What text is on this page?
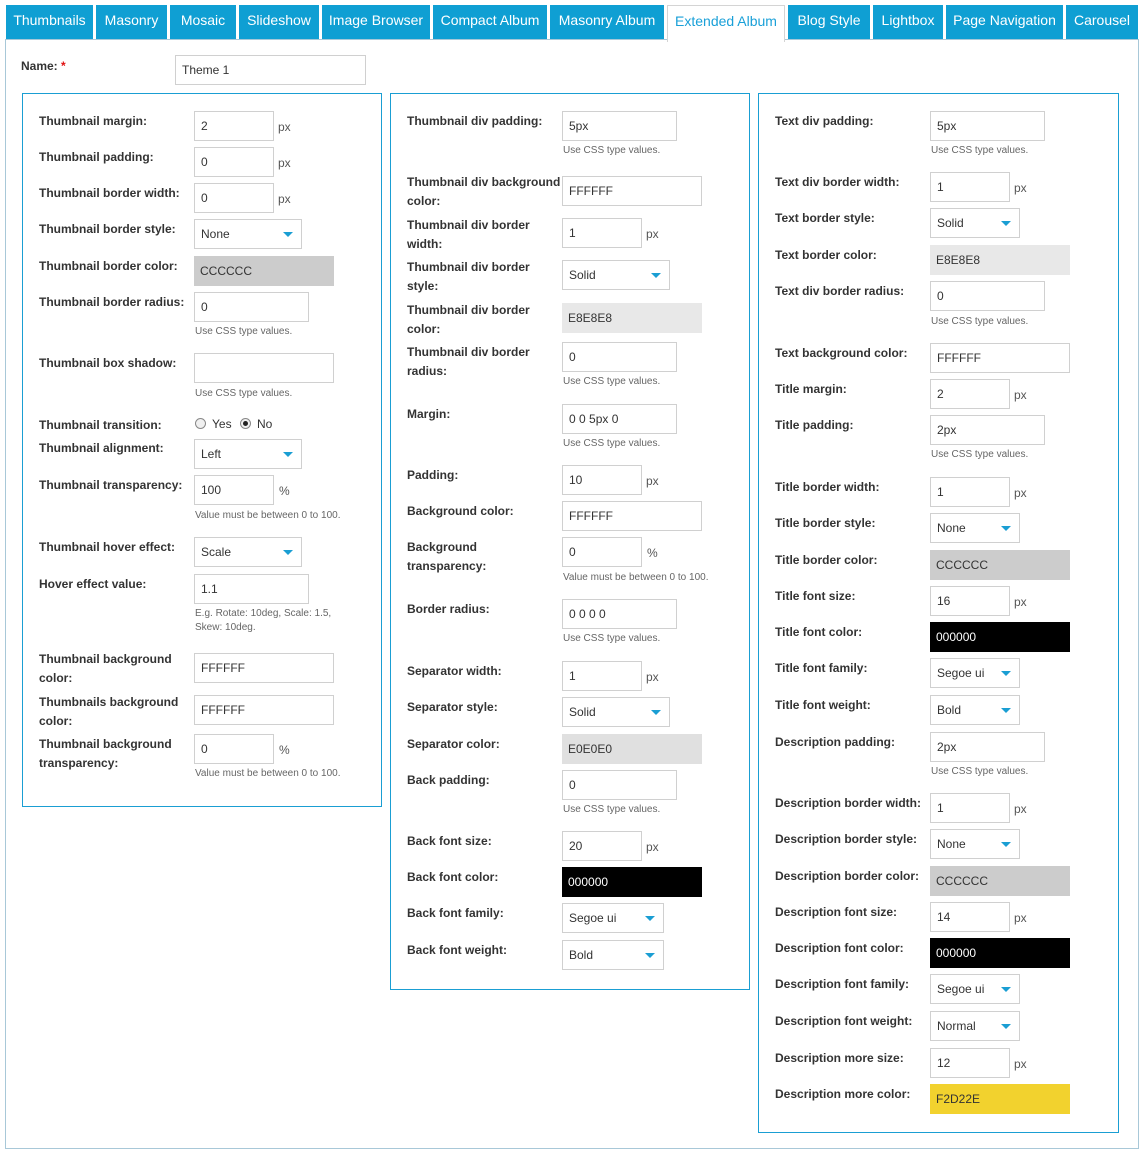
Thumbnails	Masonry	Mosaic	Slideshow	Image Browser	Compact Album	Masonry Album	Extended Album	Blog Style	Lightbox	Page Navigation	Carousel
Name: *
Theme 1
Thumbnail margin:
2	px
Thumbnail padding:
0	px
Thumbnail border width:
0	px
Thumbnail border style:	None
Thumbnail border color:
CCCCCC
Thumbnail border radius:
0
Use CSS type values.
Thumbnail box shadow:
Use CSS type values.
Thumbnail transition:	Yes	No
Thumbnail alignment:	Left
Thumbnail transparency:
100	%
Value must be between 0 to 100.
Thumbnail hover effect:	Scale
Hover effect value:
1.1
E.g. Rotate: 10deg, Scale: 1.5,
Skew: 10deg.
Thumbnail background
color:
FFFFFF
Thumbnails background
color:
FFFFFF
Thumbnail background
transparency:
0
%
Value must be between 0 to 100.
Thumbnail div padding:
5px
Use CSS type values.
Thumbnail div background
color:
FFFFFF
Thumbnail div border
width:
1
px
Thumbnail div border
style:
Solid
Thumbnail div border
color:
E8E8E8
Thumbnail div border
radius:
0
Use CSS type values.
Margin:
0 0 5px 0
Use CSS type values.
Padding:
10	px
Background color:
FFFFFF
Background
transparency:
0
%
Value must be between 0 to 100.
Border radius:
0 0 0 0
Use CSS type values.
Separator width:
1	px
Separator style:	Solid
Separator color:
E0E0E0
Back padding:
0
Use CSS type values.
Back font size:
20	px
Back font color:
000000
Back font family:	Segoe ui
Back font weight:	Bold
Text div padding:
5px
Use CSS type values.
Text div border width:
1	px
Text border style:	Solid
Text border color:
E8E8E8
Text div border radius:
0
Use CSS type values.
Text background color:
FFFFFF
Title margin:
2	px
Title padding:
2px
Use CSS type values.
Title border width:
1	px
Title border style:	None
Title border color:
CCCCCC
Title font size:
16	px
Title font color:
000000
Title font family:	Segoe ui
Title font weight:	Bold
Description padding:
2px
Use CSS type values.
Description border width:
1	px
Description border style:	None
Description border color:
CCCCCC
Description font size:
14	px
Description font color:
000000
Description font family:	Segoe ui
Description font weight:	Normal
Description more size:
12	px
Description more color:
F2D22E
